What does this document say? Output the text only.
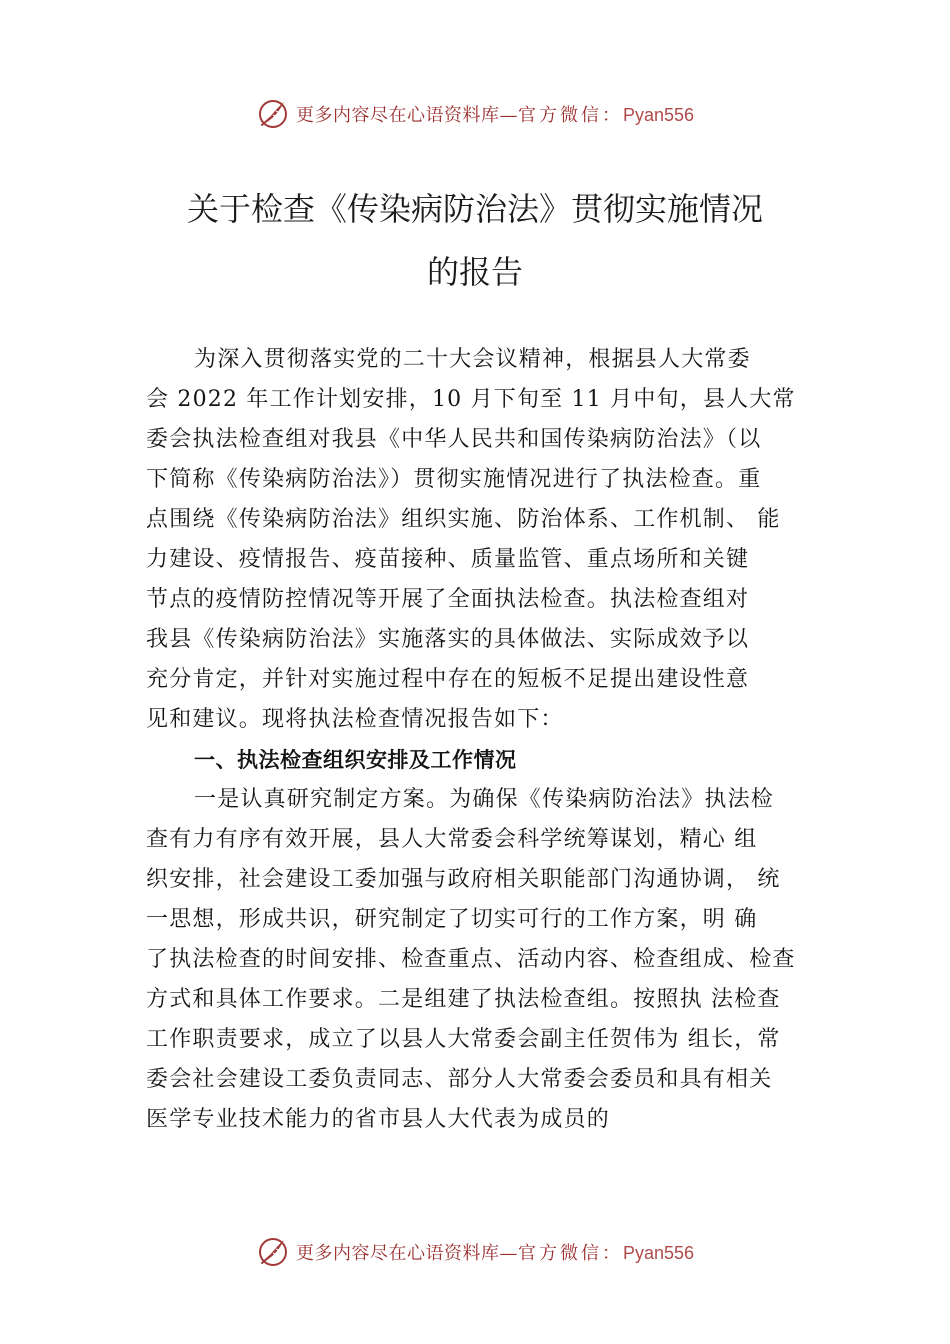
更多内容尽在心语资料库—官方微信：Pyan556
关于检查《传染病防治法》贯彻实施情况
的报告
为深入贯彻落实党的二十大会议精神，根据县人大常委
会 2022 年工作计划安排，10 月下旬至 11 月中旬，县人大常
委会执法检查组对我县《中华人民共和国传染病防治法》（以
下简称《传染病防治法》）贯彻实施情况进行了执法检查。重
点围绕《传染病防治法》组织实施、防治体系、工作机制、 能
力建设、疫情报告、疫苗接种、质量监管、重点场所和关键
节点的疫情防控情况等开展了全面执法检查。执法检查组对
我县《传染病防治法》实施落实的具体做法、实际成效予以
充分肯定，并针对实施过程中存在的短板不足提出建设性意
见和建议。现将执法检查情况报告如下：
一、执法检查组织安排及工作情况
一是认真研究制定方案。为确保《传染病防治法》执法检
查有力有序有效开展，县人大常委会科学统筹谋划，精心 组
织安排，社会建设工委加强与政府相关职能部门沟通协调， 统
一思想，形成共识，研究制定了切实可行的工作方案，明 确
了执法检查的时间安排、检查重点、活动内容、检查组成、检查
方式和具体工作要求。二是组建了执法检查组。按照执 法检查
工作职责要求，成立了以县人大常委会副主任贺伟为 组长，常
委会社会建设工委负责同志、部分人大常委会委员和具有相关
医学专业技术能力的省市县人大代表为成员的
更多内容尽在心语资料库—官方微信：Pyan556
